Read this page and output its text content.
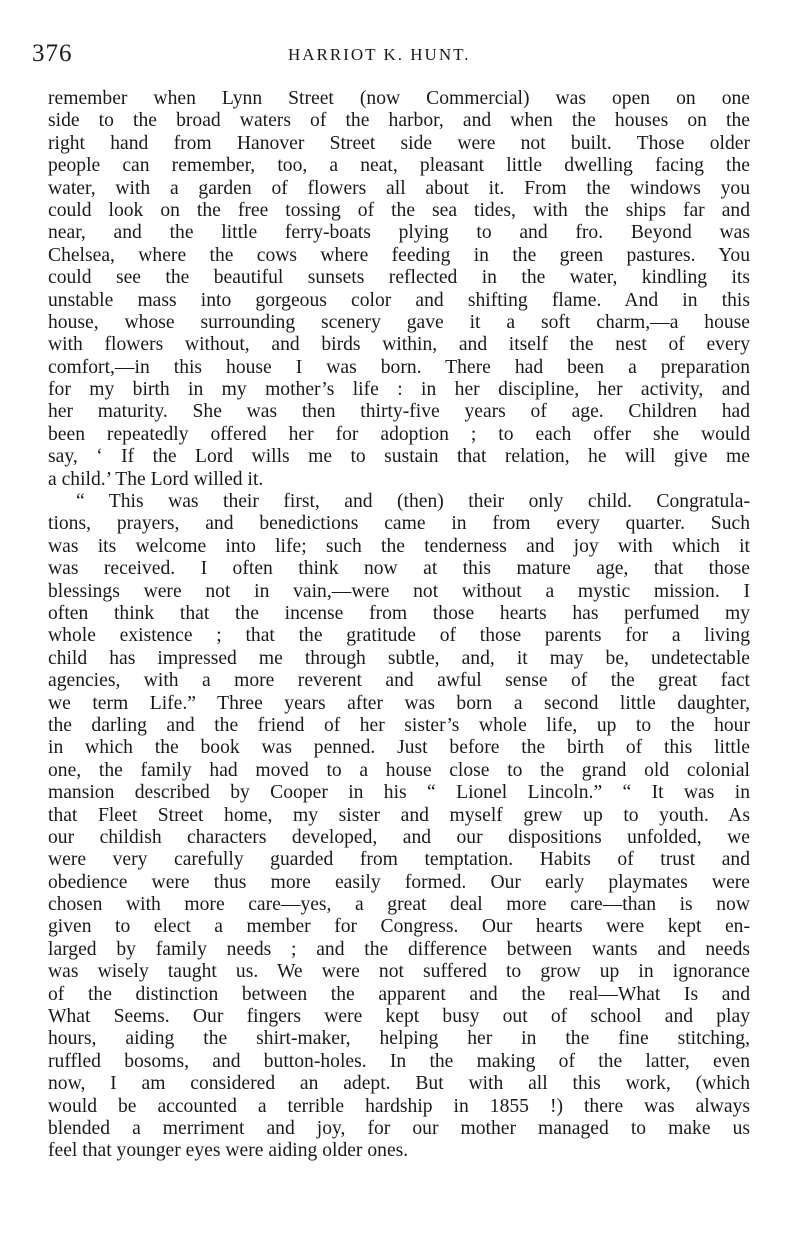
376	HARRIOT K. HUNT.
remember when Lynn Street (now Commercial) was open on one
side to the broad waters of the harbor, and when the houses on the
right hand from Hanover Street side were not built. Those older
people can remember, too, a neat, pleasant little dwelling facing the
water, with a garden of flowers all about it. From the windows you
could look on the free tossing of the sea tides, with the ships far and
near, and the little ferry-boats plying to and fro. Beyond was
Chelsea, where the cows where feeding in the green pastures. You
could see the beautiful sunsets reflected in the water, kindling its
unstable mass into gorgeous color and shifting flame. And in this
house, whose surrounding scenery gave it a soft charm,—a house
with flowers without, and birds within, and itself the nest of every
comfort,—in this house I was born. There had been a preparation
for my birth in my mother’s life : in her discipline, her activity, and
her maturity. She was then thirty-five years of age. Children had
been repeatedly offered her for adoption ; to each offer she would
say, ‘ If the Lord wills me to sustain that relation, he will give me
a child.’ The Lord willed it.
“ This was their first, and (then) their only child. Congratula-
tions, prayers, and benedictions came in from every quarter. Such
was its welcome into life; such the tenderness and joy with which it
was received. I often think now at this mature age, that those
blessings were not in vain,—were not without a mystic mission. I
often think that the incense from those hearts has perfumed my
whole existence ; that the gratitude of those parents for a living
child has impressed me through subtle, and, it may be, undetectable
agencies, with a more reverent and awful sense of the great fact
we term Life.” Three years after was born a second little daughter,
the darling and the friend of her sister’s whole life, up to the hour
in which the book was penned. Just before the birth of this little
one, the family had moved to a house close to the grand old colonial
mansion described by Cooper in his “ Lionel Lincoln.” “ It was in
that Fleet Street home, my sister and myself grew up to youth. As
our childish characters developed, and our dispositions unfolded, we
were very carefully guarded from temptation. Habits of trust and
obedience were thus more easily formed. Our early playmates were
chosen with more care—yes, a great deal more care—than is now
given to elect a member for Congress. Our hearts were kept en-
larged by family needs ; and the difference between wants and needs
was wisely taught us. We were not suffered to grow up in ignorance
of the distinction between the apparent and the real—What Is and
What Seems. Our fingers were kept busy out of school and play
hours, aiding the shirt-maker, helping her in the fine stitching,
ruffled bosoms, and button-holes. In the making of the latter, even
now, I am considered an adept. But with all this work, (which
would be accounted a terrible hardship in 1855 !) there was always
blended a merriment and joy, for our mother managed to make us
feel that younger eyes were aiding older ones.
